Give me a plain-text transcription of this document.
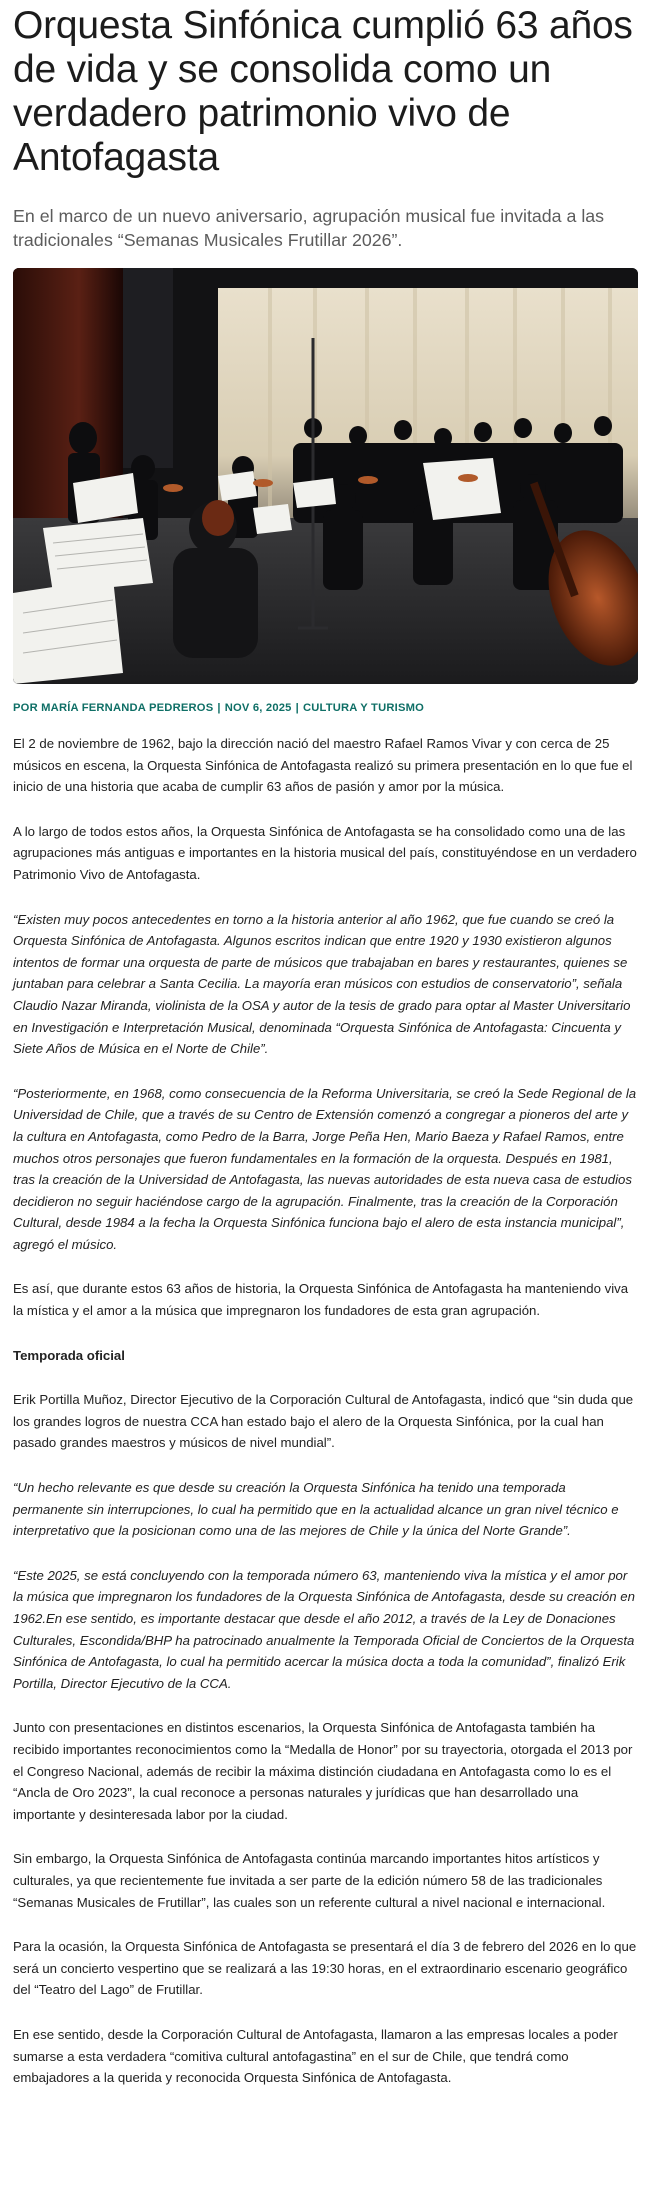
Orquesta Sinfónica cumplió 63 años de vida y se consolida como un verdadero patrimonio vivo de Antofagasta

En el marco de un nuevo aniversario, agrupación musical fue invitada a las tradicionales “Semanas Musicales Frutillar 2026”.

POR MARÍA FERNANDA PEDREROS | NOV 6, 2025 | CULTURA Y TURISMO

El 2 de noviembre de 1962, bajo la dirección nació del maestro Rafael Ramos Vivar y con cerca de 25 músicos en escena, la Orquesta Sinfónica de Antofagasta realizó su primera presentación en lo que fue el inicio de una historia que acaba de cumplir 63 años de pasión y amor por la música.

A lo largo de todos estos años, la Orquesta Sinfónica de Antofagasta se ha consolidado como una de las agrupaciones más antiguas e importantes en la historia musical del país, constituyéndose en un verdadero Patrimonio Vivo de Antofagasta.

“Existen muy pocos antecedentes en torno a la historia anterior al año 1962, que fue cuando se creó la Orquesta Sinfónica de Antofagasta. Algunos escritos indican que entre 1920 y 1930 existieron algunos intentos de formar una orquesta de parte de músicos que trabajaban en bares y restaurantes, quienes se juntaban para celebrar a Santa Cecilia. La mayoría eran músicos con estudios de conservatorio”, señala Claudio Nazar Miranda, violinista de la OSA y autor de la tesis de grado para optar al Master Universitario en Investigación e Interpretación Musical, denominada “Orquesta Sinfónica de Antofagasta: Cincuenta y Siete Años de Música en el Norte de Chile”.

“Posteriormente, en 1968, como consecuencia de la Reforma Universitaria, se creó la Sede Regional de la Universidad de Chile, que a través de su Centro de Extensión comenzó a congregar a pioneros del arte y la cultura en Antofagasta, como Pedro de la Barra, Jorge Peña Hen, Mario Baeza y Rafael Ramos, entre muchos otros personajes que fueron fundamentales en la formación de la orquesta. Después en 1981, tras la creación de la Universidad de Antofagasta, las nuevas autoridades de esta nueva casa de estudios decidieron no seguir haciéndose cargo de la agrupación. Finalmente, tras la creación de la Corporación Cultural, desde 1984 a la fecha la Orquesta Sinfónica funciona bajo el alero de esta instancia municipal”, agregó el músico.

Es así, que durante estos 63 años de historia, la Orquesta Sinfónica de Antofagasta ha manteniendo viva la mística y el amor a la música que impregnaron los fundadores de esta gran agrupación.

Temporada oficial

Erik Portilla Muñoz, Director Ejecutivo de la Corporación Cultural de Antofagasta, indicó que “sin duda que los grandes logros de nuestra CCA han estado bajo el alero de la Orquesta Sinfónica, por la cual han pasado grandes maestros y músicos de nivel mundial”.

“Un hecho relevante es que desde su creación la Orquesta Sinfónica ha tenido una temporada permanente sin interrupciones, lo cual ha permitido que en la actualidad alcance un gran nivel técnico e interpretativo que la posicionan como una de las mejores de Chile y la única del Norte Grande”.

“Este 2025, se está concluyendo con la temporada número 63, manteniendo viva la mística y el amor por la música que impregnaron los fundadores de la Orquesta Sinfónica de Antofagasta, desde su creación en 1962.En ese sentido, es importante destacar que desde el año 2012, a través de la Ley de Donaciones Culturales, Escondida/BHP ha patrocinado anualmente la Temporada Oficial de Conciertos de la Orquesta Sinfónica de Antofagasta, lo cual ha permitido acercar la música docta a toda la comunidad”, finalizó Erik Portilla, Director Ejecutivo de la CCA.

Junto con presentaciones en distintos escenarios, la Orquesta Sinfónica de Antofagasta también ha recibido importantes reconocimientos como la “Medalla de Honor” por su trayectoria, otorgada el 2013 por el Congreso Nacional, además de recibir la máxima distinción ciudadana en Antofagasta como lo es el “Ancla de Oro 2023”, la cual reconoce a personas naturales y jurídicas que han desarrollado una importante y desinteresada labor por la ciudad.

Sin embargo, la Orquesta Sinfónica de Antofagasta continúa marcando importantes hitos artísticos y culturales, ya que recientemente fue invitada a ser parte de la edición número 58 de las tradicionales “Semanas Musicales de Frutillar”, las cuales son un referente cultural a nivel nacional e internacional.

Para la ocasión, la Orquesta Sinfónica de Antofagasta se presentará el día 3 de febrero del 2026 en lo que será un concierto vespertino que se realizará a las 19:30 horas, en el extraordinario escenario geográfico del “Teatro del Lago” de Frutillar.

En ese sentido, desde la Corporación Cultural de Antofagasta, llamaron a las empresas locales a poder sumarse a esta verdadera “comitiva cultural antofagastina” en el sur de Chile, que tendrá como embajadores a la querida y reconocida Orquesta Sinfónica de Antofagasta.
